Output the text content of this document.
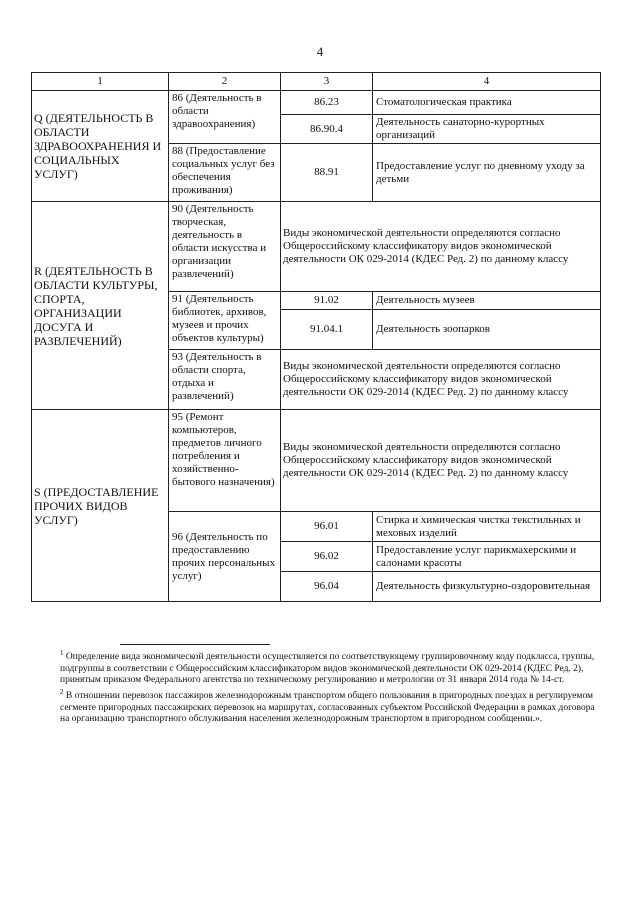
4
1	2	3	4
Q (ДЕЯТЕЛЬНОСТЬ В ОБЛАСТИ ЗДРАВООХРАНЕНИЯ И СОЦИАЛЬНЫХ УСЛУГ)	86 (Деятельность в области здравоохранения)	86.23	Стоматологическая практика
		86.90.4	Деятельность санаторно-курортных организаций
	88 (Предоставление социальных услуг без обеспечения проживания)	88.91	Предоставление услуг по дневному уходу за детьми
R (ДЕЯТЕЛЬНОСТЬ В ОБЛАСТИ КУЛЬТУРЫ, СПОРТА, ОРГАНИЗАЦИИ ДОСУГА И РАЗВЛЕЧЕНИЙ)	90 (Деятельность творческая, деятельность в области искусства и организации развлечений)	Виды экономической деятельности определяются согласно Общероссийскому классификатору видов экономической деятельности ОК 029-2014 (КДЕС Ред. 2) по данному классу	
	91 (Деятельность библиотек, архивов, музеев и прочих объектов культуры)	91.02	Деятельность музеев
		91.04.1	Деятельность зоопарков
	93 (Деятельность в области спорта, отдыха и развлечений)	Виды экономической деятельности определяются согласно Общероссийскому классификатору видов экономической деятельности ОК 029-2014 (КДЕС Ред. 2) по данному классу	
S (ПРЕДОСТАВЛЕНИЕ ПРОЧИХ ВИДОВ УСЛУГ)	95 (Ремонт компьютеров, предметов личного потребления и хозяйственно-бытового назначения)	Виды экономической деятельности определяются согласно Общероссийскому классификатору видов экономической деятельности ОК 029-2014 (КДЕС Ред. 2) по данному классу	
	96 (Деятельность по предоставлению прочих персональных услуг)	96.01	Стирка и химическая чистка текстильных и меховых изделий
		96.02	Предоставление услуг парикмахерскими и салонами красоты
		96.04	Деятельность физкультурно-оздоровительная

$^1$ Определение вида экономической деятельности осуществляется по соответствующему группировочному коду подкласса, группы, подгруппы в соответствии с Общероссийским классификатором видов экономической деятельности ОК 029-2014 (КДЕС Ред. 2), принятым приказом Федерального агентства по техническому регулированию и метрологии от 31 января 2014 года № 14-ст.

$^2$ В отношении перевозок пассажиров железнодорожным транспортом общего пользования в пригородных поездах в регулируемом сегменте пригородных пассажирских перевозок на маршрутах, согласованных субъектом Российской Федерации в рамках договора на организацию транспортного обслуживания населения железнодорожным транспортом в пригородном сообщении.».
